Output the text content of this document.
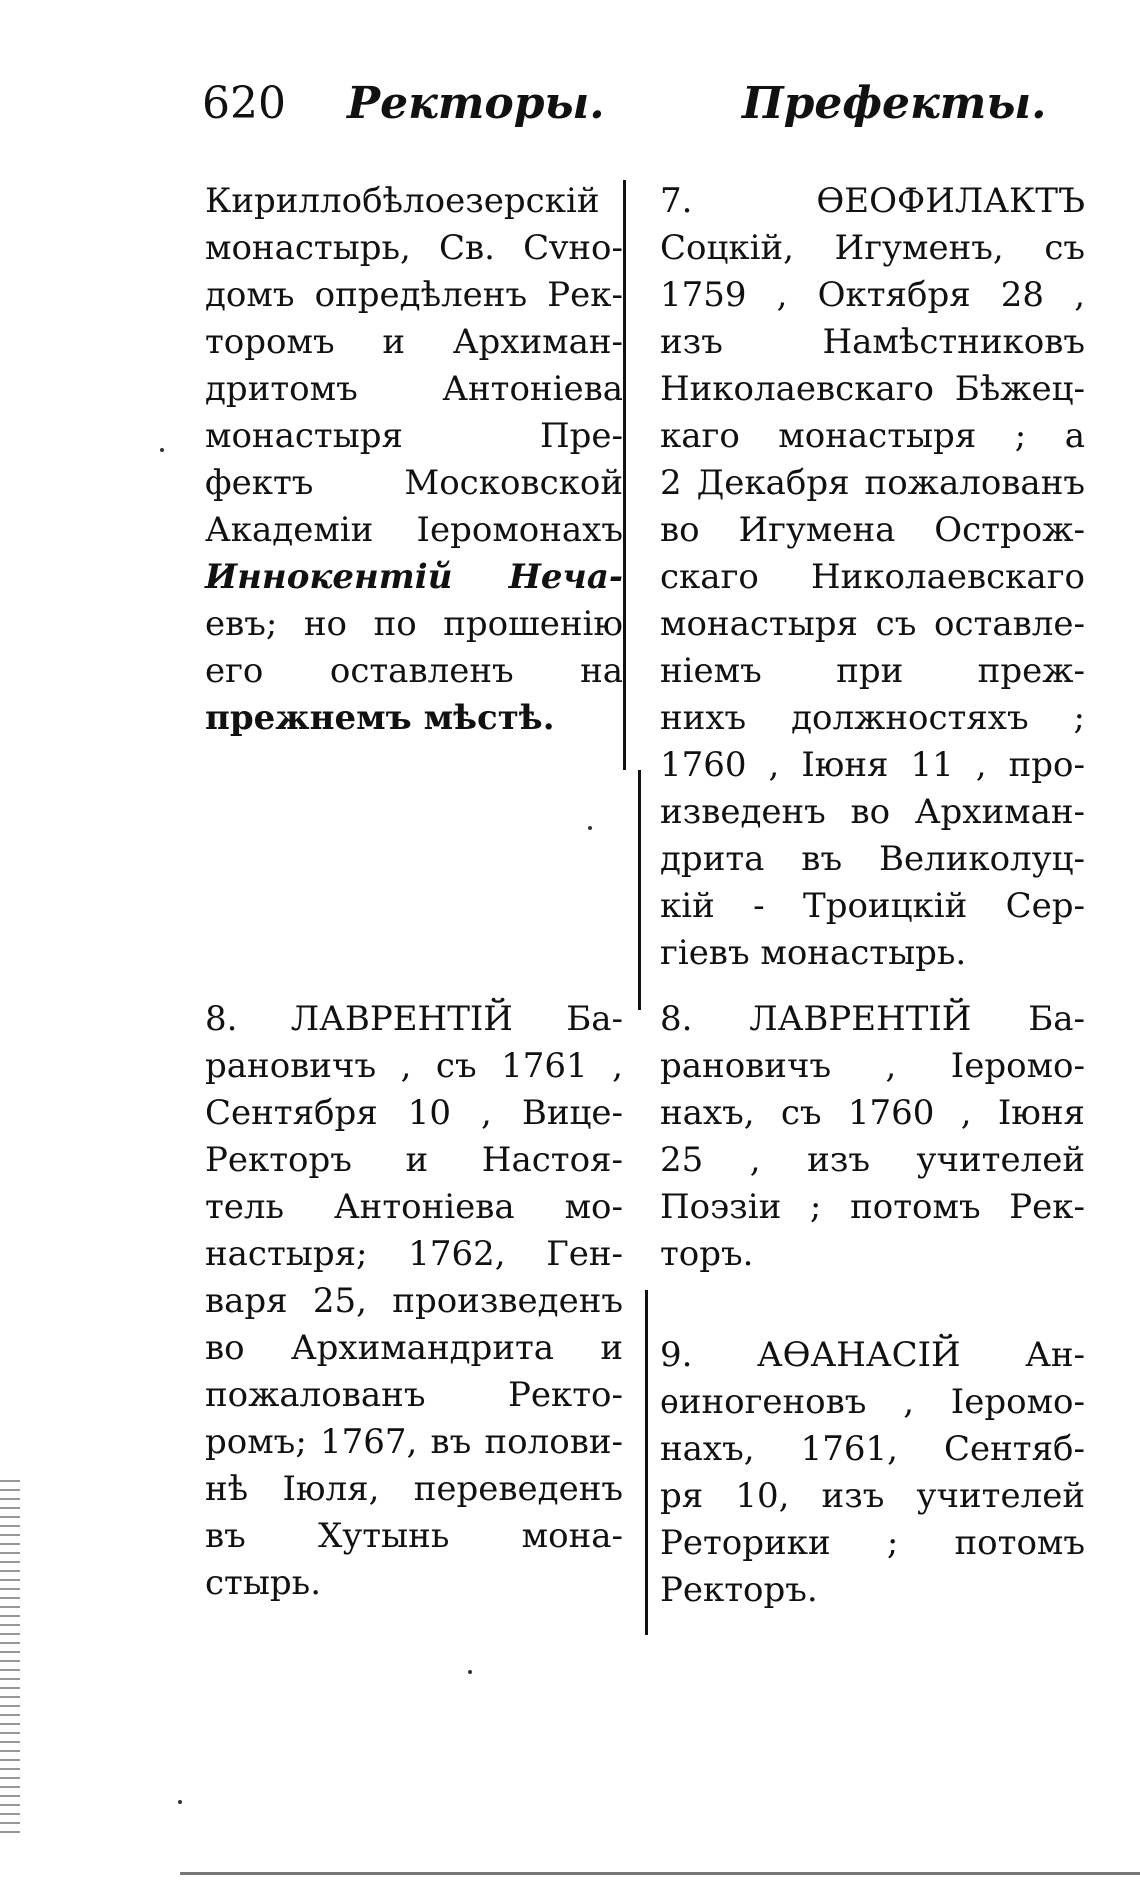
620 Ректоры.	Префекты.
Кириллобѣлоезерскій
монастырь, Св. Сvно-
домъ опредѣленъ Рек-
торомъ и Архиман-
дритомъ Антоніева
монастыря Пре-
фектъ Московской
Академіи Іеромонахъ
Иннокентій Неча-
евъ; но по прошенію
его оставленъ на
прежнемъ мѣстѣ.
8. ЛАВРЕНТІЙ Ба-
рановичъ , съ 1761 ,
Сентября 10 , Вице-
Ректоръ и Настоя-
тель Антоніева мо-
настыря; 1762, Ген-
варя 25, произведенъ
во Архимандрита и
пожалованъ Ректо-
ромъ; 1767, въ полови-
нѣ Іюля, переведенъ
въ Хутынь мона-
стырь.
7. ѲЕОФИЛАКТЪ
Соцкій, Игуменъ, съ
1759 , Октября 28 ,
изъ Намѣстниковъ
Николаевскаго Бѣжец-
каго монастыря ; а
2 Декабря пожалованъ
во Игумена Острож-
скаго Николаевскаго
монастыря съ оставле-
ніемъ при преж-
нихъ должностяхъ ;
1760 , Іюня 11 , про-
изведенъ во Архиман-
дрита въ Великолуц-
кій - Троицкій Сер-
гіевъ монастырь.
8. ЛАВРЕНТІЙ Ба-
рановичъ , Іеромо-
нахъ, съ 1760 , Іюня
25 , изъ учителей
Поэзіи ; потомъ Рек-
торъ.
9. АѲАНАСІЙ Ан-
ѳиногеновъ , Іеромо-
нахъ, 1761, Сентяб-
ря 10, изъ учителей
Реторики ; потомъ
Ректоръ.
